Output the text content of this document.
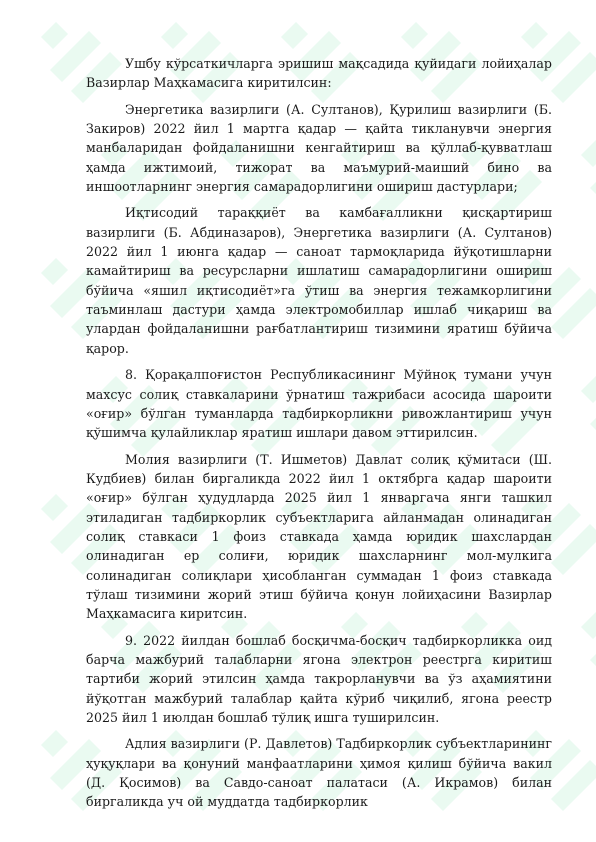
Ушбу кўрсаткичларга эришиш мақсадида қуйидаги лойиҳалар Вазирлар Маҳкамасига киритилсин:

Энергетика вазирлиги (А. Султанов), Қурилиш вазирлиги (Б. Закиров) 2022 йил 1 мартга қадар — қайта тикланувчи энергия манбаларидан фойдаланишни кенгайтириш ва қўллаб-қувватлаш ҳамда ижтимоий, тижорат ва маъмурий-маиший бино ва иншоотларнинг энергия самарадорлигини ошириш дастурлари;

Иқтисодий тараққиёт ва камбағалликни қисқартириш вазирлиги (Б. Абдиназаров), Энергетика вазирлиги (А. Султанов) 2022 йил 1 июнга қадар — саноат тармоқларида йўқотишларни камайтириш ва ресурсларни ишлатиш самарадорлигини ошириш бўйича «яшил иқтисодиёт»га ўтиш ва энергия тежамкорлигини таъминлаш дастури ҳамда электромобиллар ишлаб чиқариш ва улардан фойдаланишни рағбатлантириш тизимини яратиш бўйича қарор.

8. Қорақалпоғистон Республикасининг Мўйноқ тумани учун махсус солиқ ставкаларини ўрнатиш тажрибаси асосида шароити «оғир» бўлган туманларда тадбиркорликни ривожлантириш учун қўшимча қулайликлар яратиш ишлари давом эттирилсин.

Молия вазирлиги (Т. Ишметов) Давлат солиқ қўмитаси (Ш. Кудбиев) билан биргаликда 2022 йил 1 октябрга қадар шароити «оғир» бўлган ҳудудларда 2025 йил 1 январгача янги ташкил этиладиган тадбиркорлик субъектларига айланмадан олинадиган солиқ ставкаси 1 фоиз ставкада ҳамда юридик шахслардан олинадиган ер солиғи, юридик шахсларнинг мол-мулкига солинадиган солиқлари ҳисобланган суммадан 1 фоиз ставкада тўлаш тизимини жорий этиш бўйича қонун лойиҳасини Вазирлар Маҳкамасига киритсин.

9. 2022 йилдан бошлаб босқичма-босқич тадбиркорликка оид барча мажбурий талабларни ягона электрон реестрга киритиш тартиби жорий этилсин ҳамда такрорланувчи ва ўз аҳамиятини йўқотган мажбурий талаблар қайта кўриб чиқилиб, ягона реестр 2025 йил 1 июлдан бошлаб тўлиқ ишга туширилсин.

Адлия вазирлиги (Р. Давлетов) Тадбиркорлик субъектларининг ҳуқуқлари ва қонуний манфаатларини ҳимоя қилиш бўйича вакил (Д. Қосимов) ва Савдо-саноат палатаси (А. Икрамов) билан биргаликда уч ой муддатда тадбиркорлик
